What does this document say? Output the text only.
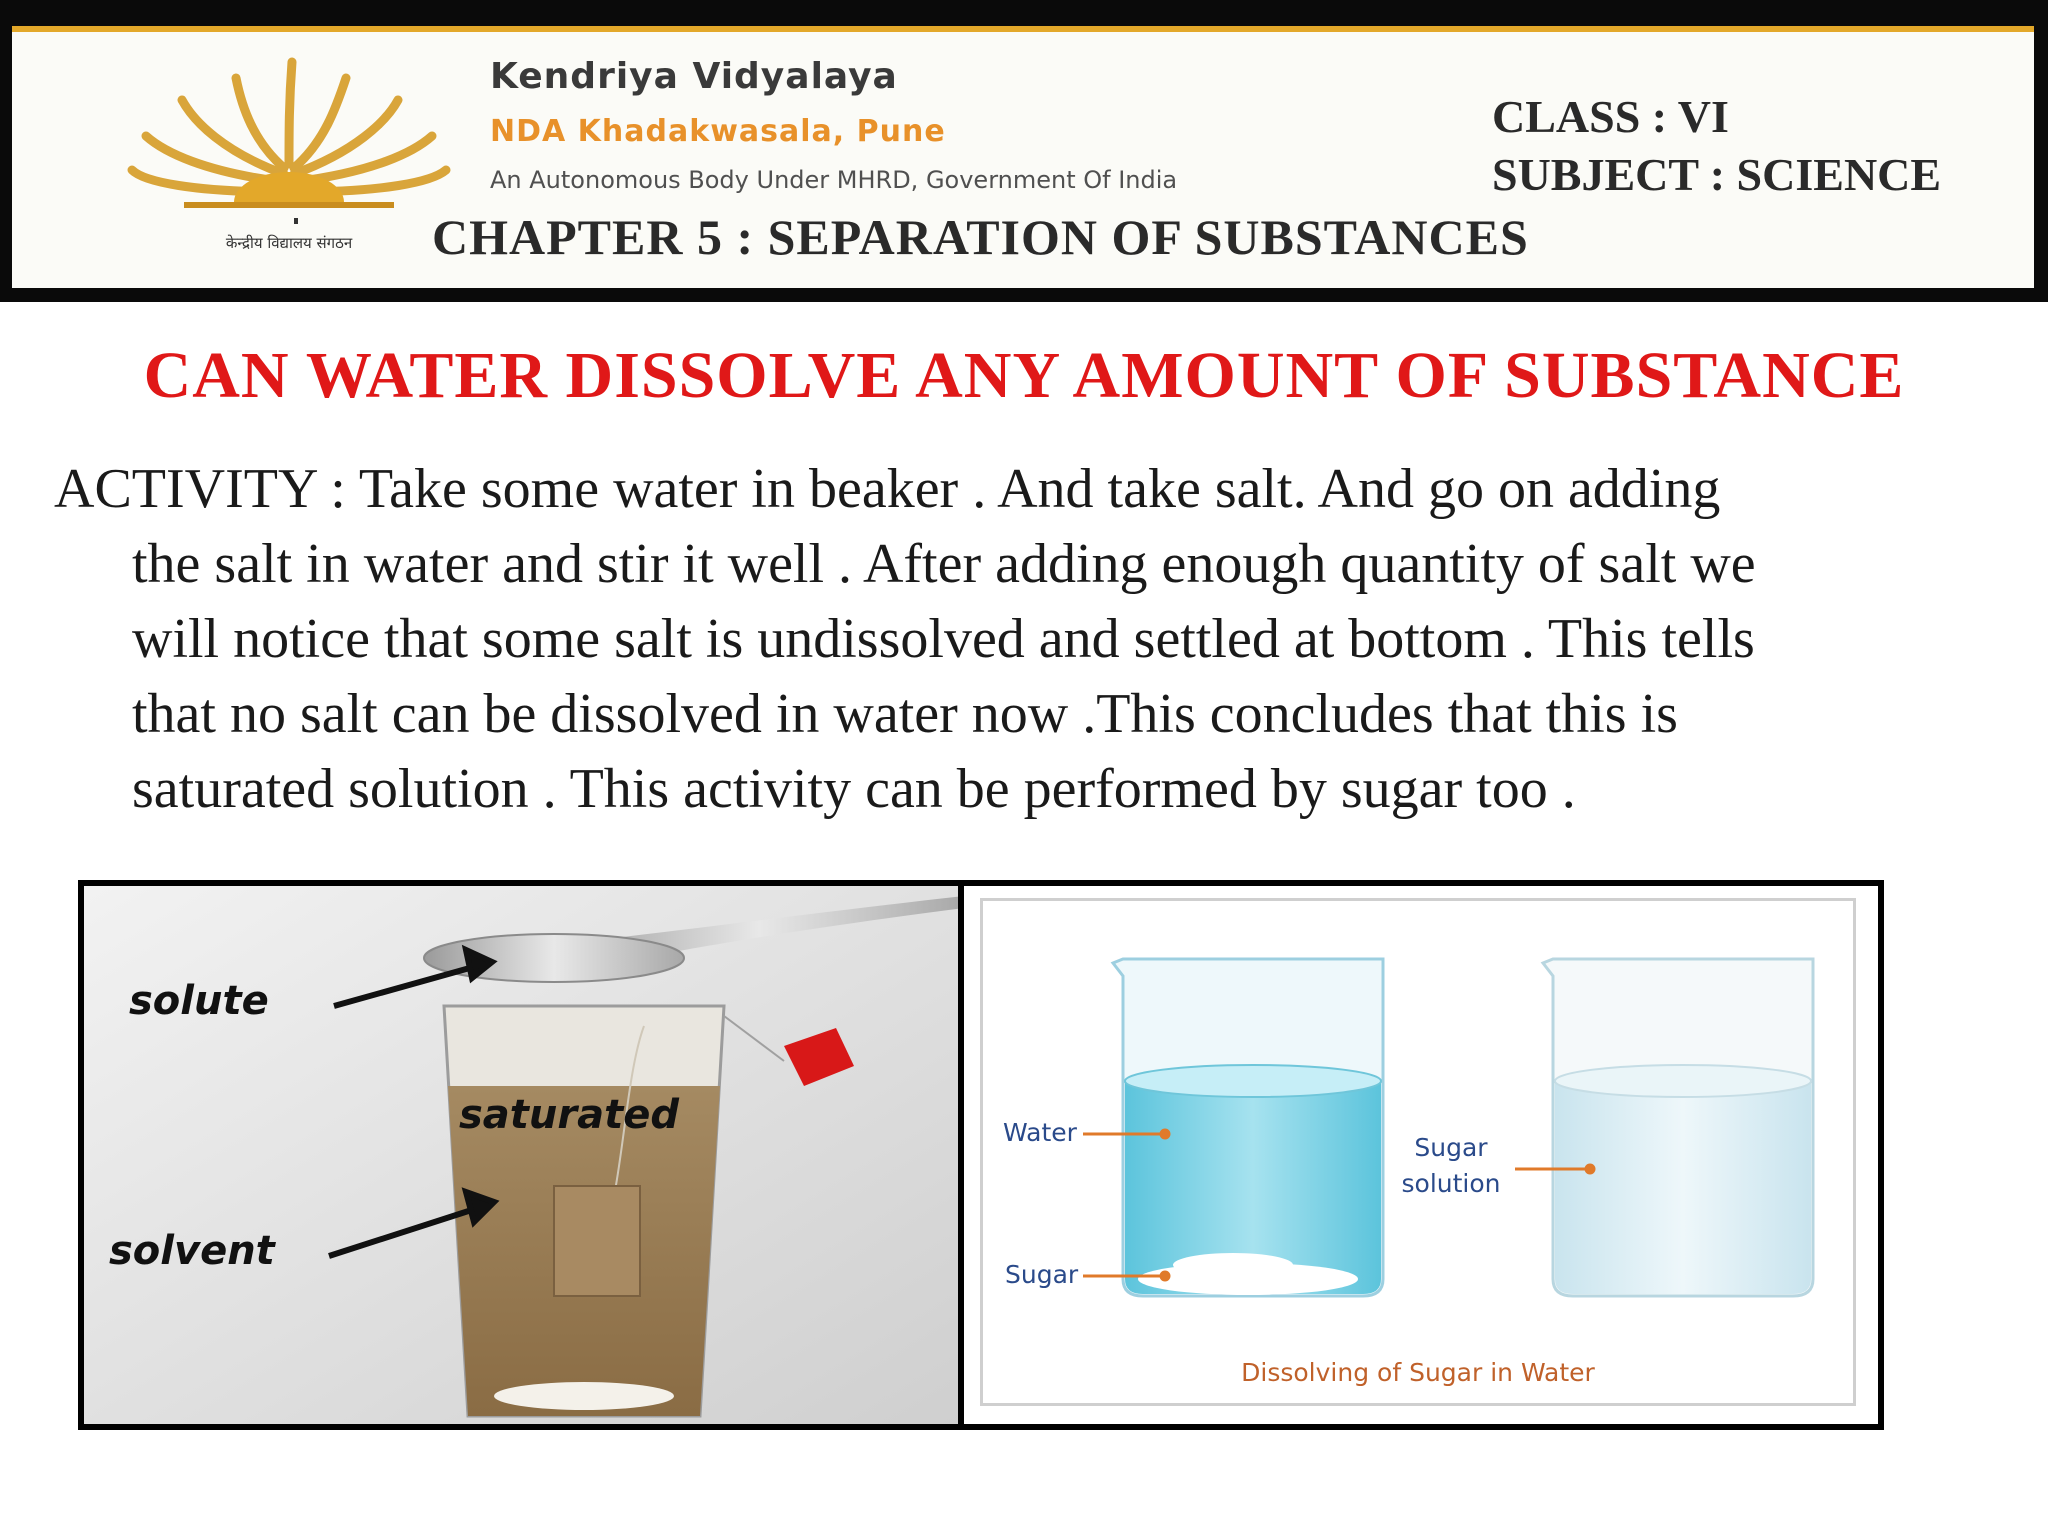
केन्द्रीय विद्यालय संगठन
Kendriya Vidyalaya
NDA Khadakwasala, Pune
An Autonomous Body Under MHRD, Government Of India
CLASS : VI
SUBJECT : SCIENCE
CHAPTER 5 : SEPARATION OF SUBSTANCES
CAN WATER DISSOLVE ANY AMOUNT OF SUBSTANCE
ACTIVITY : Take some water in beaker . And take salt. And go on adding
the salt in water and stir it well . After adding enough quantity of salt we
will notice that some salt is undissolved and settled at bottom . This tells
that no salt can be dissolved in water now .This concludes that this is
saturated solution . This activity can be performed by sugar too .
solute
saturated
solvent
Water
Sugar
Sugar
solution
Dissolving of Sugar in Water
